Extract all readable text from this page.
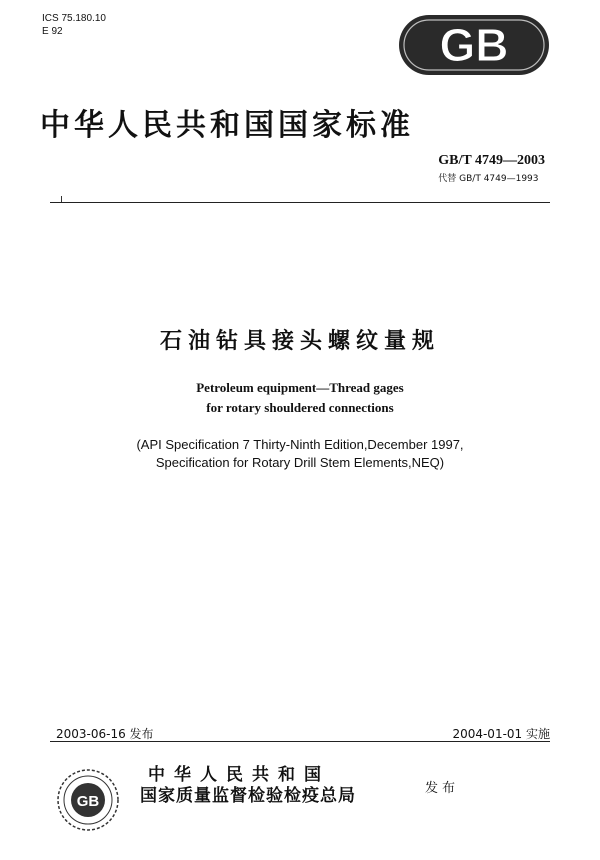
ICS 75.180.10
E 92	GB
中华人民共和国国家标准
GB/T 4749—2003
代替 GB/T 4749—1993
石油钻具接头螺纹量规
Petroleum equipment—Thread gages
for rotary shouldered connections
(API Specification 7 Thirty-Ninth Edition,December 1997,
Specification for Rotary Drill Stem Elements,NEQ)
2003-06-16 发布	2004-01-01 实施
GB
中华人民共和国
国家质量监督检验检疫总局	发布
